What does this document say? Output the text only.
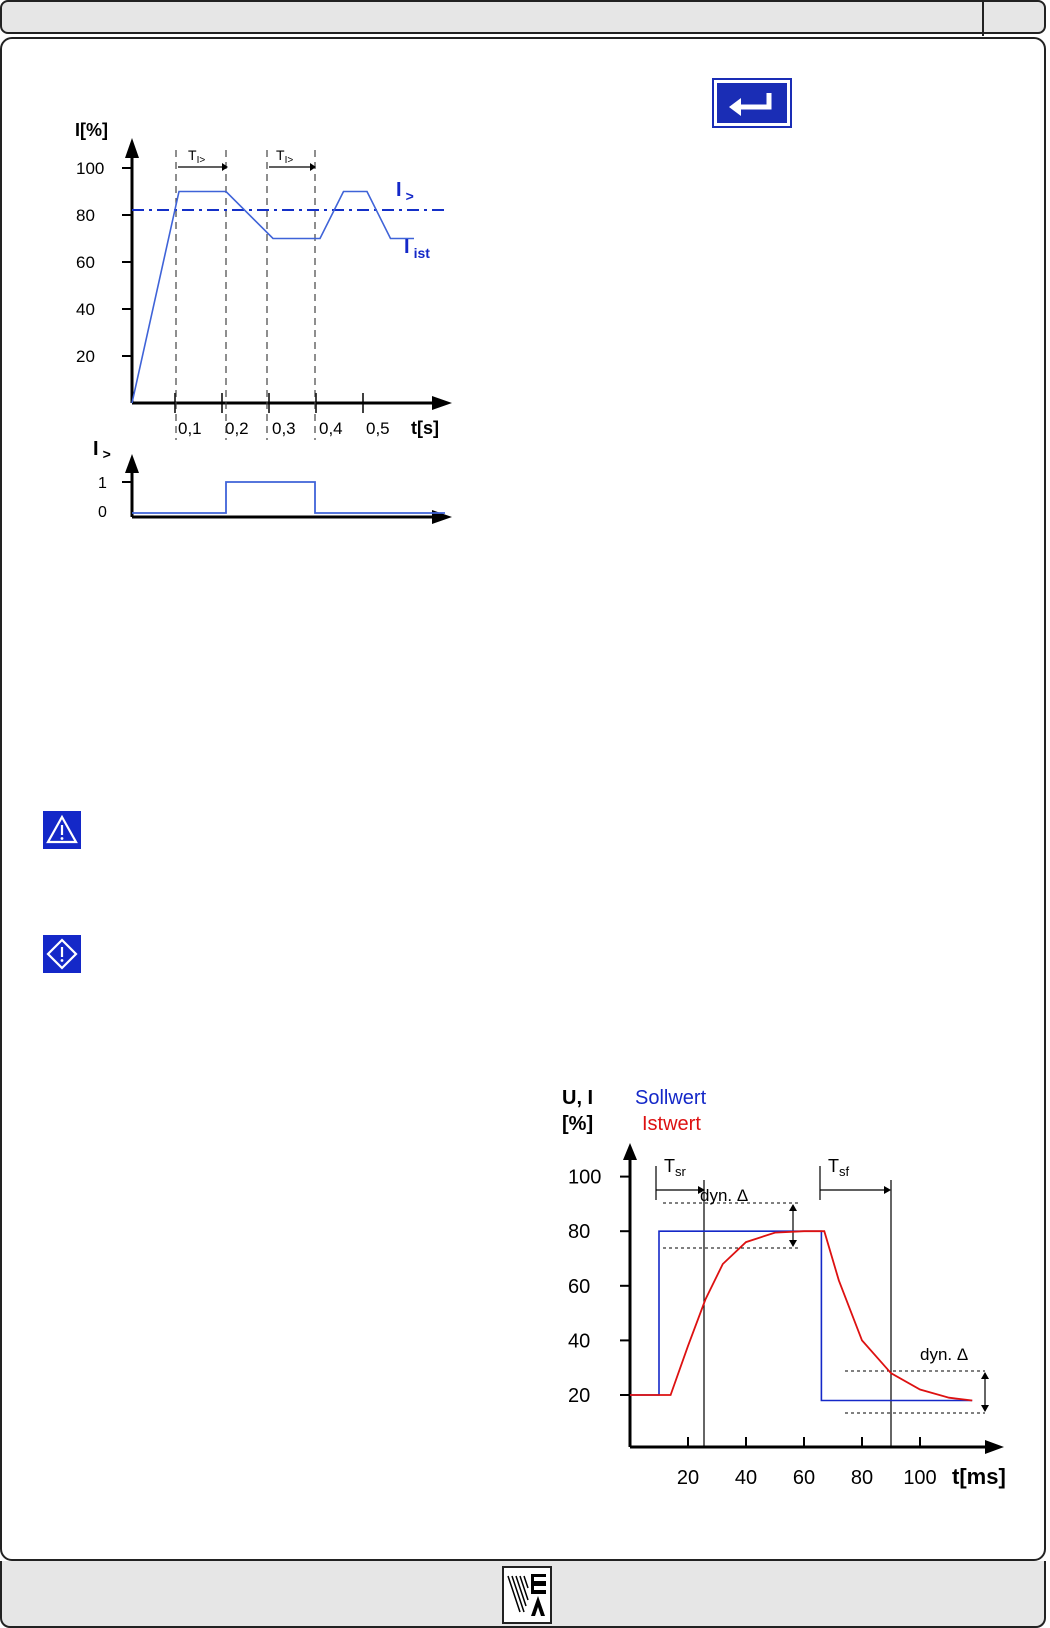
I[%]
t[s]
100
80
60
40
20
0,1 0,2 0,3 0,4 0,5
$T_{I>}$	$T_{I>}$
I $_>$
I $_{ist}$
I $_>$
1
0
U, I
[%]
Sollwert
Istwert
t[ms]
100
80
60
40
20
20 40 60 80 100
$T_{sr}$	$T_{sf}$
dyn. Δ
dyn. Δ
